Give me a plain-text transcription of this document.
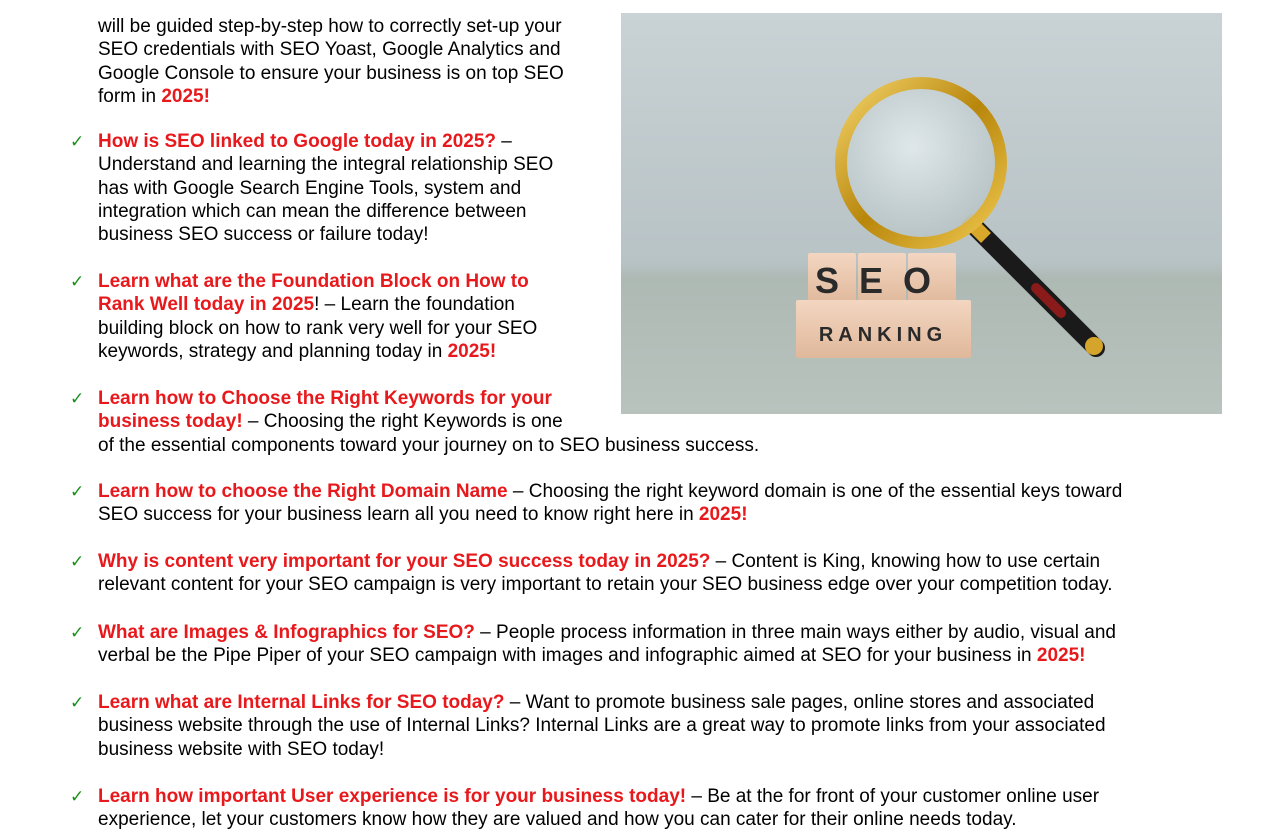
SEO
RANKING
will be guided step-by-step how to correctly set-up your
SEO credentials with SEO Yoast, Google Analytics and
Google Console to ensure your business is on top SEO
form in 2025!
✓ How is SEO linked to Google today in 2025? –
Understand and learning the integral relationship SEO
has with Google Search Engine Tools, system and
integration which can mean the difference between
business SEO success or failure today!
✓ Learn what are the Foundation Block on How to
Rank Well today in 2025! – Learn the foundation
building block on how to rank very well for your SEO
keywords, strategy and planning today in 2025!
✓ Learn how to Choose the Right Keywords for your
business today! – Choosing the right Keywords is one
of the essential components toward your journey on to SEO business success.
✓ Learn how to choose the Right Domain Name – Choosing the right keyword domain is one of the essential keys toward
SEO success for your business learn all you need to know right here in 2025!
✓ Why is content very important for your SEO success today in 2025? – Content is King, knowing how to use certain
relevant content for your SEO campaign is very important to retain your SEO business edge over your competition today.
✓ What are Images & Infographics for SEO? – People process information in three main ways either by audio, visual and
verbal be the Pipe Piper of your SEO campaign with images and infographic aimed at SEO for your business in 2025!
✓ Learn what are Internal Links for SEO today? – Want to promote business sale pages, online stores and associated
business website through the use of Internal Links? Internal Links are a great way to promote links from your associated
business website with SEO today!
✓ Learn how important User experience is for your business today! – Be at the for front of your customer online user
experience, let your customers know how they are valued and how you can cater for their online needs today.
